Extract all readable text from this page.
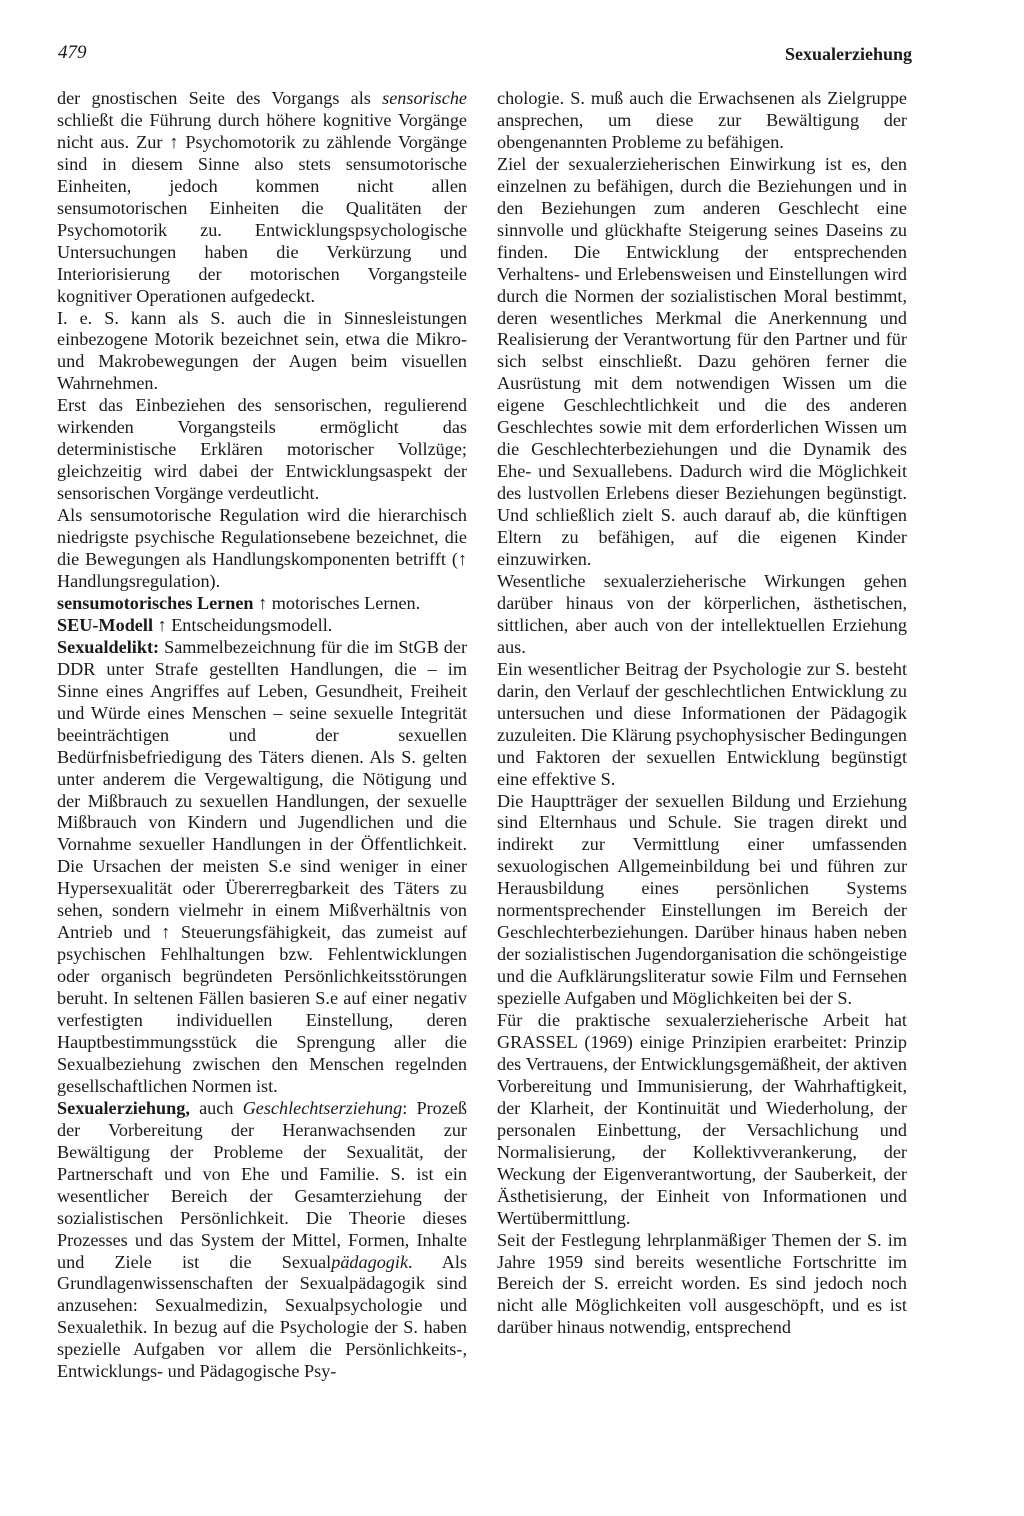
479	Sexualerziehung

der gnostischen Seite des Vorgangs als sensorische schließt die Führung durch höhere kognitive Vorgänge nicht aus. Zur ↑ Psychomotorik zu zählende Vorgänge sind in diesem Sinne also stets sensumotorische Einheiten, jedoch kommen nicht allen sensumotorischen Einheiten die Qualitäten der Psychomotorik zu. Entwicklungspsychologische Untersuchungen haben die Verkürzung und Interiorisierung der motorischen Vorgangsteile kognitiver Operationen aufgedeckt.

I. e. S. kann als S. auch die in Sinnesleistungen einbezogene Motorik bezeichnet sein, etwa die Mikro- und Makrobewegungen der Augen beim visuellen Wahrnehmen.

Erst das Einbeziehen des sensorischen, regulierend wirkenden Vorgangsteils ermöglicht das deterministische Erklären motorischer Vollzüge; gleichzeitig wird dabei der Entwicklungsaspekt der sensorischen Vorgänge verdeutlicht.

Als sensumotorische Regulation wird die hierarchisch niedrigste psychische Regulationsebene bezeichnet, die die Bewegungen als Handlungskomponenten betrifft (↑ Handlungsregulation).

sensumotorisches Lernen ↑ motorisches Lernen.

SEU-Modell ↑ Entscheidungsmodell.

Sexualdelikt: Sammelbezeichnung für die im StGB der DDR unter Strafe gestellten Handlungen, die – im Sinne eines Angriffes auf Leben, Gesundheit, Freiheit und Würde eines Menschen – seine sexuelle Integrität beeinträchtigen und der sexuellen Bedürfnisbefriedigung des Täters dienen. Als S. gelten unter anderem die Vergewaltigung, die Nötigung und der Mißbrauch zu sexuellen Handlungen, der sexuelle Mißbrauch von Kindern und Jugendlichen und die Vornahme sexueller Handlungen in der Öffentlichkeit. Die Ursachen der meisten S.e sind weniger in einer Hypersexualität oder Übererregbarkeit des Täters zu sehen, sondern vielmehr in einem Mißverhältnis von Antrieb und ↑ Steuerungsfähigkeit, das zumeist auf psychischen Fehlhaltungen bzw. Fehlentwicklungen oder organisch begründeten Persönlichkeitsstörungen beruht. In seltenen Fällen basieren S.e auf einer negativ verfestigten individuellen Einstellung, deren Hauptbestimmungsstück die Sprengung aller die Sexualbeziehung zwischen den Menschen regelnden gesellschaftlichen Normen ist.

Sexualerziehung, auch Geschlechtserziehung: Prozeß der Vorbereitung der Heranwachsenden zur Bewältigung der Probleme der Sexualität, der Partnerschaft und von Ehe und Familie. S. ist ein wesentlicher Bereich der Gesamterziehung der sozialistischen Persönlichkeit. Die Theorie dieses Prozesses und das System der Mittel, Formen, Inhalte und Ziele ist die Sexualpädagogik. Als Grundlagenwissenschaften der Sexualpädagogik sind anzusehen: Sexualmedizin, Sexualpsychologie und Sexualethik. In bezug auf die Psychologie der S. haben spezielle Aufgaben vor allem die Persönlichkeits-, Entwicklungs- und Pädagogische Psy-

chologie. S. muß auch die Erwachsenen als Zielgruppe ansprechen, um diese zur Bewältigung der obengenannten Probleme zu befähigen.

Ziel der sexualerzieherischen Einwirkung ist es, den einzelnen zu befähigen, durch die Beziehungen und in den Beziehungen zum anderen Geschlecht eine sinnvolle und glückhafte Steigerung seines Daseins zu finden. Die Entwicklung der entsprechenden Verhaltens- und Erlebensweisen und Einstellungen wird durch die Normen der sozialistischen Moral bestimmt, deren wesentliches Merkmal die Anerkennung und Realisierung der Verantwortung für den Partner und für sich selbst einschließt. Dazu gehören ferner die Ausrüstung mit dem notwendigen Wissen um die eigene Geschlechtlichkeit und die des anderen Geschlechtes sowie mit dem erforderlichen Wissen um die Geschlechterbeziehungen und die Dynamik des Ehe- und Sexuallebens. Dadurch wird die Möglichkeit des lustvollen Erlebens dieser Beziehungen begünstigt. Und schließlich zielt S. auch darauf ab, die künftigen Eltern zu befähigen, auf die eigenen Kinder einzuwirken.

Wesentliche sexualerzieherische Wirkungen gehen darüber hinaus von der körperlichen, ästhetischen, sittlichen, aber auch von der intellektuellen Erziehung aus.

Ein wesentlicher Beitrag der Psychologie zur S. besteht darin, den Verlauf der geschlechtlichen Entwicklung zu untersuchen und diese Informationen der Pädagogik zuzuleiten. Die Klärung psychophysischer Bedingungen und Faktoren der sexuellen Entwicklung begünstigt eine effektive S.

Die Hauptträger der sexuellen Bildung und Erziehung sind Elternhaus und Schule. Sie tragen direkt und indirekt zur Vermittlung einer umfassenden sexuologischen Allgemeinbildung bei und führen zur Herausbildung eines persönlichen Systems normentsprechender Einstellungen im Bereich der Geschlechterbeziehungen. Darüber hinaus haben neben der sozialistischen Jugendorganisation die schöngeistige und die Aufklärungsliteratur sowie Film und Fernsehen spezielle Aufgaben und Möglichkeiten bei der S.

Für die praktische sexualerzieherische Arbeit hat GRASSEL (1969) einige Prinzipien erarbeitet: Prinzip des Vertrauens, der Entwicklungsgemäßheit, der aktiven Vorbereitung und Immunisierung, der Wahrhaftigkeit, der Klarheit, der Kontinuität und Wiederholung, der personalen Einbettung, der Versachlichung und Normalisierung, der Kollektivverankerung, der Weckung der Eigenverantwortung, der Sauberkeit, der Ästhetisierung, der Einheit von Informationen und Wertübermittlung.

Seit der Festlegung lehrplanmäßiger Themen der S. im Jahre 1959 sind bereits wesentliche Fortschritte im Bereich der S. erreicht worden. Es sind jedoch noch nicht alle Möglichkeiten voll ausgeschöpft, und es ist darüber hinaus notwendig, entsprechend
